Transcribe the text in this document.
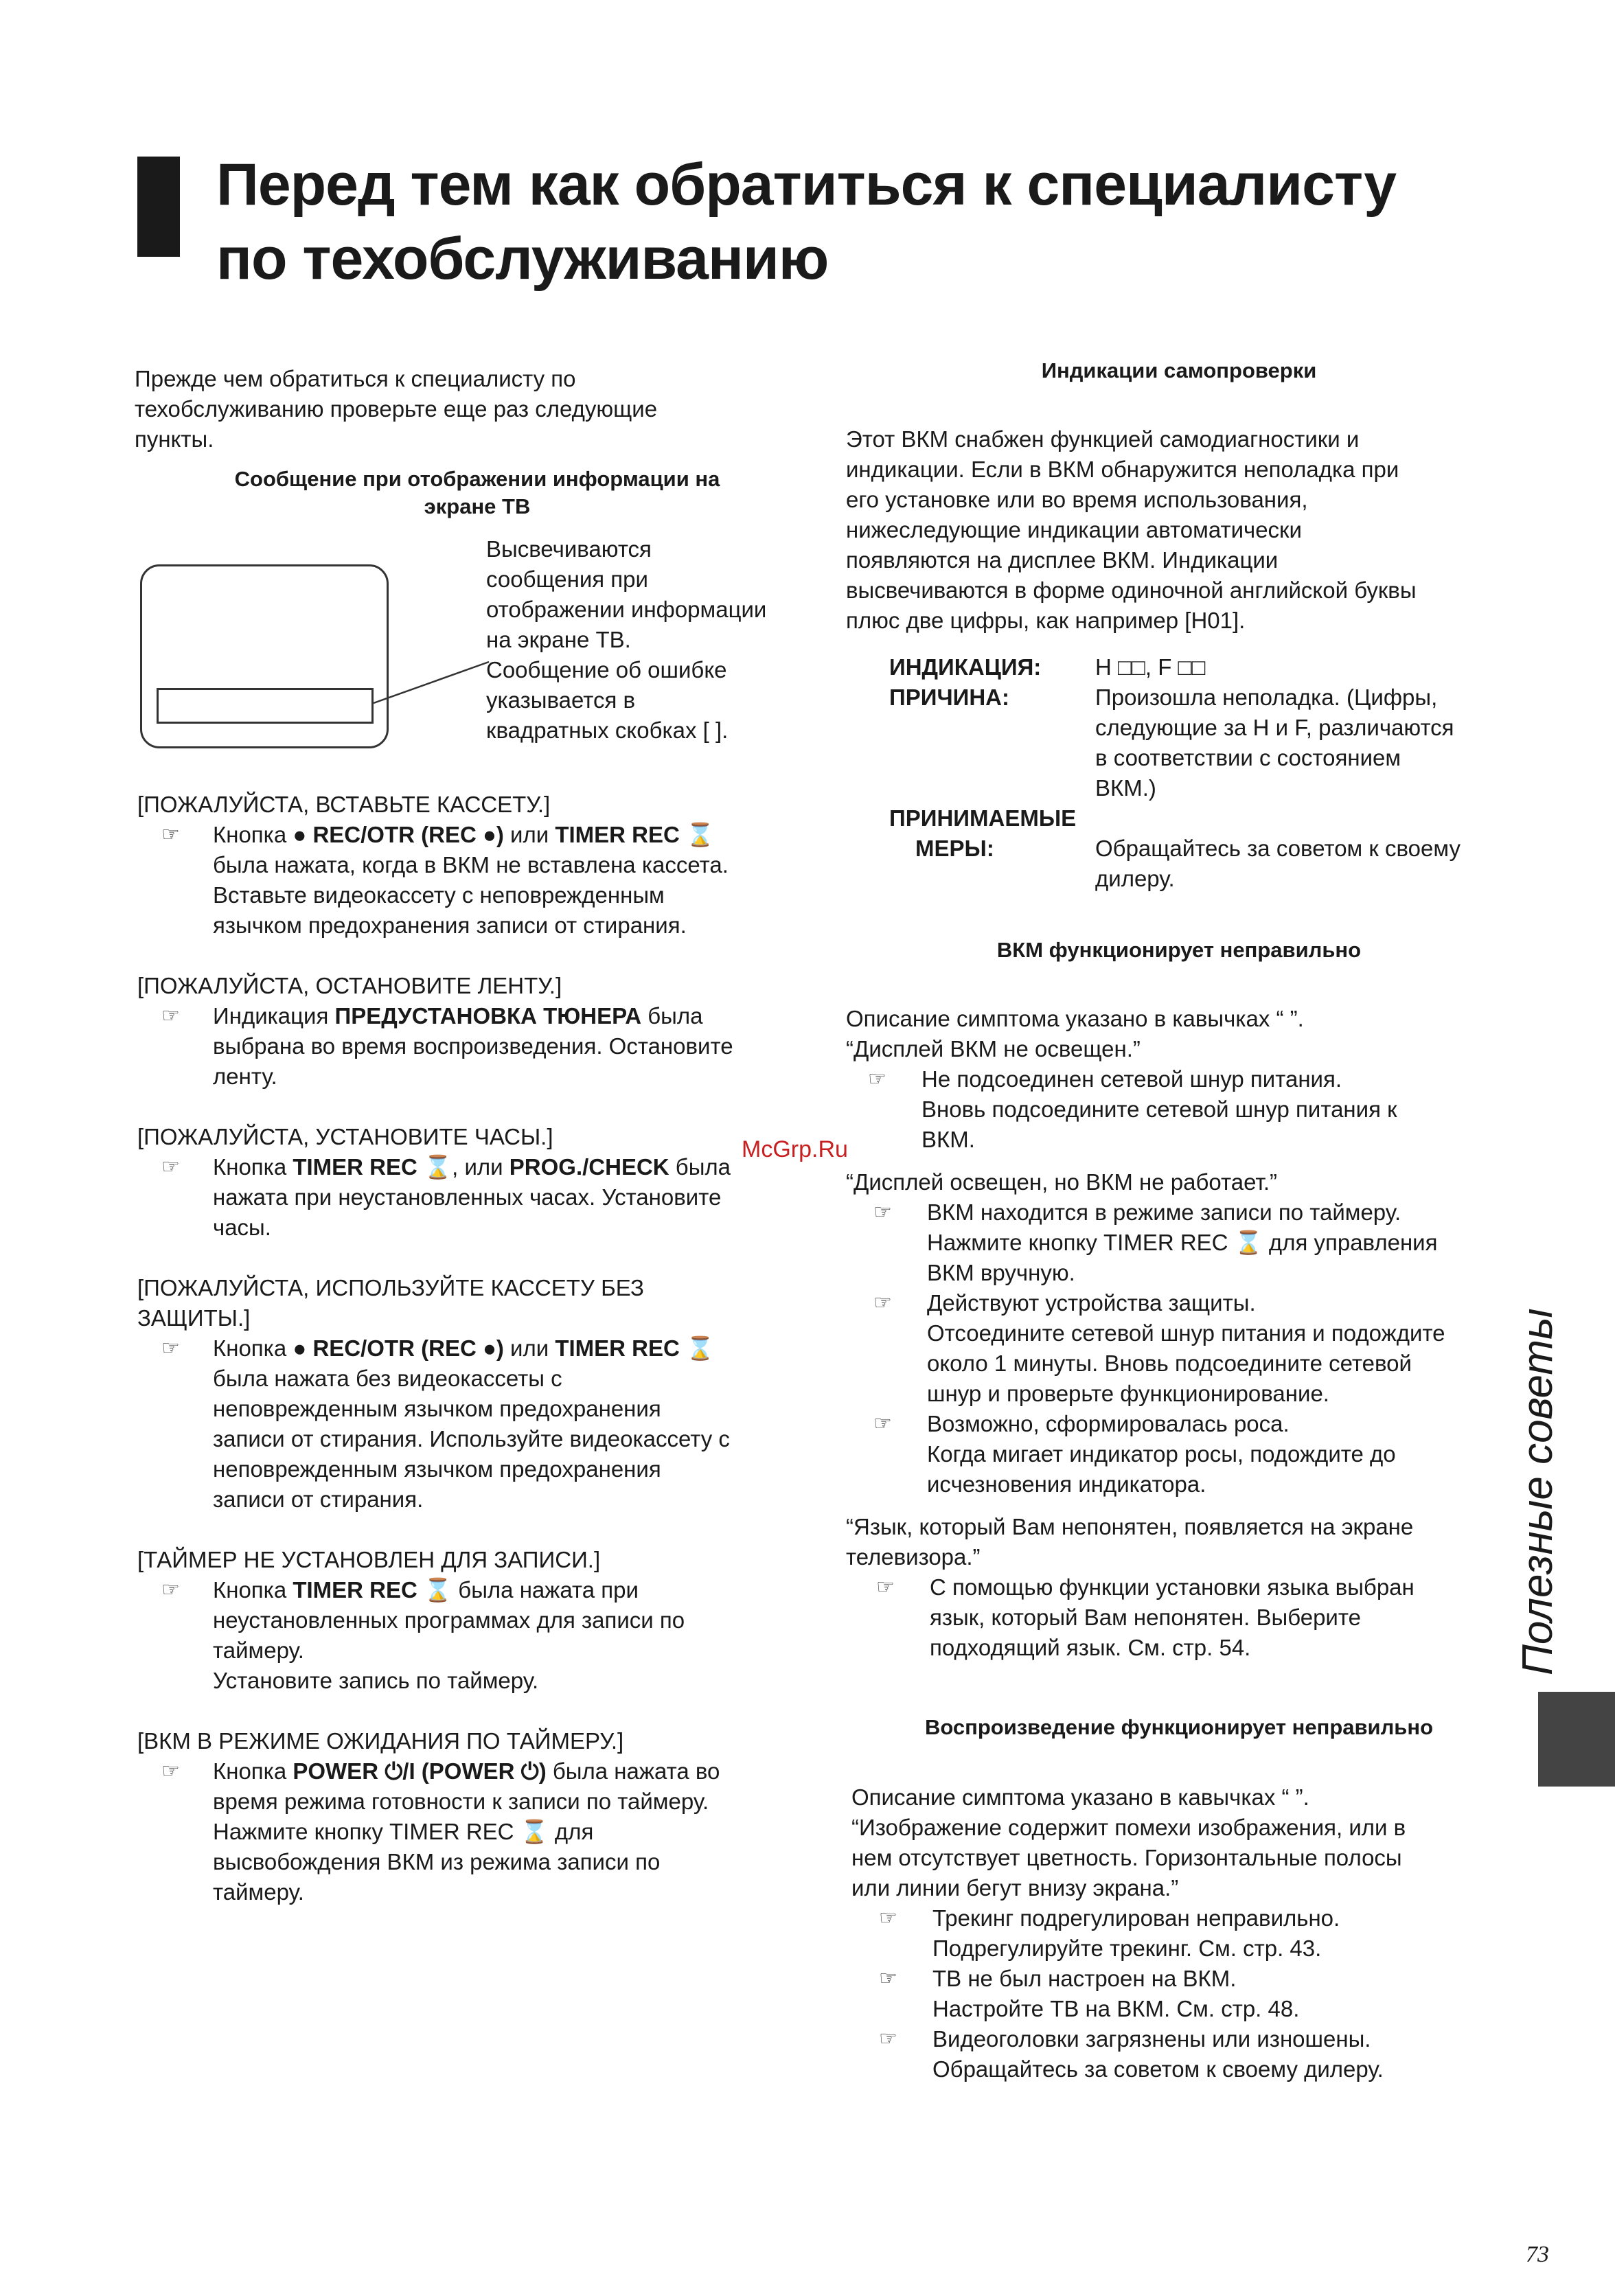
Перед тем как обратиться к специалисту
по техобслуживанию
Прежде чем обратиться к специалисту по техобслуживанию проверьте еще раз следующие пункты.

Сообщение при отображении информации на

экране ТВ

Высвечиваются
сообщения при
отображении информации
на экране ТВ.
Сообщение об ошибке
указывается в
квадратных скобках [ ].

[ПОЖАЛУЙСТА, ВСТАВЬТЕ КАССЕТУ.]

☞ Кнопка ● REC/OTR (REC ●) или TIMER REC ⌛

была нажата, когда в ВКМ не вставлена кассета.

Вставьте видеокассету с неповрежденным

язычком предохранения записи от стирания.

[ПОЖАЛУЙСТА, ОСТАНОВИТЕ ЛЕНТУ.]

☞ Индикация ПРЕДУСТАНОВКА ТЮНЕРА была

выбрана во время воспроизведения. Остановите

ленту.

[ПОЖАЛУЙСТА, УСТАНОВИТЕ ЧАСЫ.]

☞ Кнопка TIMER REC ⌛, или PROG./CHECK была

нажата при неустановленных часах. Установите

часы.

[ПОЖАЛУЙСТА, ИСПОЛЬЗУЙТЕ КАССЕТУ БЕЗ

ЗАЩИТЫ.]

☞ Кнопка ● REC/OTR (REC ●) или TIMER REC ⌛

была нажата без видеокассеты с

неповрежденным язычком предохранения

записи от стирания. Используйте видеокассету с

неповрежденным язычком предохранения

записи от стирания.

[ТАЙМЕР НЕ УСТАНОВЛЕН ДЛЯ ЗАПИСИ.]

☞ Кнопка TIMER REC ⌛ была нажата при

неустановленных программах для записи по

таймеру.

Установите запись по таймеру.

[ВКМ В РЕЖИМЕ ОЖИДАНИЯ ПО ТАЙМЕРУ.]

☞ Кнопка POWER ⏻/I (POWER ⏻) была нажата во

время режима готовности к записи по таймеру.

Нажмите кнопку TIMER REC ⌛ для

высвобождения ВКМ из режима записи по

таймеру.

Индикации самопроверки

Этот ВКМ снабжен функцией самодиагностики и

индикации. Если в ВКМ обнаружится неполадка при

его установке или во время использования,

нижеследующие индикации автоматически

появляются на дисплее ВКМ. Индикации

высвечиваются в форме одиночной английской буквы

плюс две цифры, как например [H01].

ИНДИКАЦИЯ:	H □□, F □□
ПРИЧИНА:	Произошла неполадка. (Цифры,
следующие за H и F, различаются
в соответствии с состоянием
ВКМ.)
ПРИНИМАЕМЫЕ
МЕРЫ:	Обращайтесь за советом к своему
дилеру.

ВКМ функционирует неправильно

Описание симптома указано в кавычках “ ”.

“Дисплей ВКМ не освещен.”

☞ Не подсоединен сетевой шнур питания.

Вновь подсоедините сетевой шнур питания к

ВКМ.

“Дисплей освещен, но ВКМ не работает.”

☞ ВКМ находится в режиме записи по таймеру.

Нажмите кнопку TIMER REC ⌛ для управления

ВКМ вручную.

☞ Действуют устройства защиты.

Отсоедините сетевой шнур питания и подождите

около 1 минуты. Вновь подсоедините сетевой

шнур и проверьте функционирование.

☞ Возможно, сформировалась роса.

Когда мигает индикатор росы, подождите до

исчезновения индикатора.

“Язык, который Вам непонятен, появляется на экране

телевизора.”

☞ С помощью функции установки языка выбран

язык, который Вам непонятен. Выберите

подходящий язык. См. стр. 54.

Воспроизведение функционирует неправильно

Описание симптома указано в кавычках “ ”.

“Изображение содержит помехи изображения, или в

нем отсутствует цветность. Горизонтальные полосы

или линии бегут внизу экрана.”

☞ Трекинг подрегулирован неправильно.

Подрегулируйте трекинг. См. стр. 43.

☞ ТВ не был настроен на ВКМ.

Настройте ТВ на ВКМ. См. стр. 48.

☞ Видеоголовки загрязнены или изношены.

Обращайтесь за советом к своему дилеру.

Полезные советы
McGrp.Ru
73
